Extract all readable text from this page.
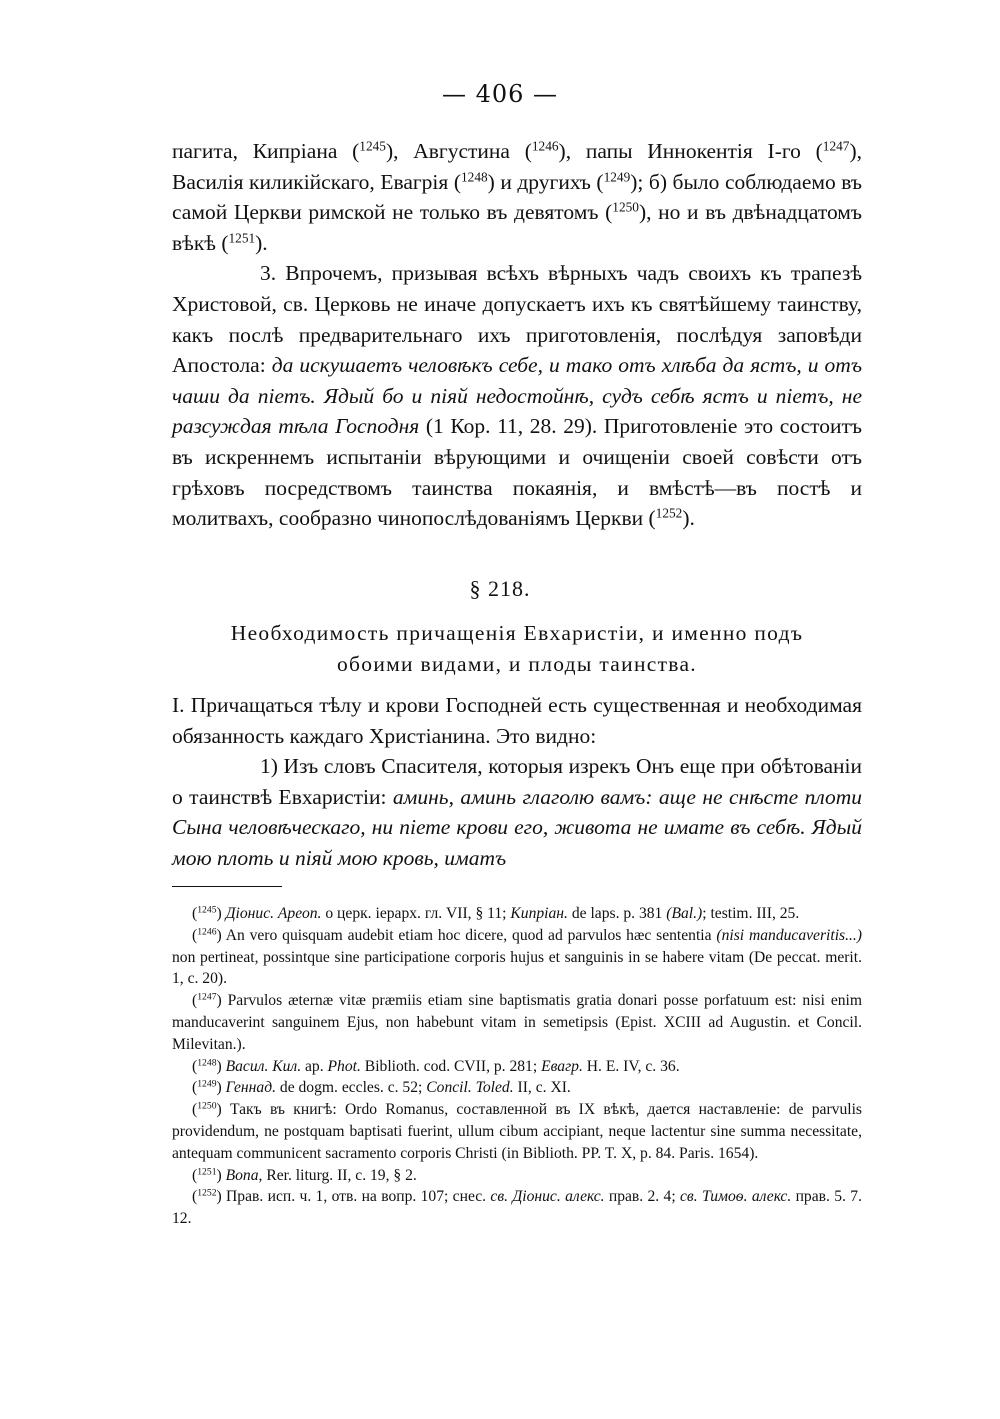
— 406 —

пагита, Кипріана ($^{1245}$), Августина ($^{1246}$), папы Иннокентія I-го ($^{1247}$), Василія киликійскаго, Евагрія ($^{1248}$) и другихъ ($^{1249}$); б) было соблюдаемо въ самой Церкви римской не только въ девятомъ ($^{1250}$), но и въ двѣнадцатомъ вѣкѣ ($^{1251}$).

3. Впрочемъ, призывая всѣхъ вѣрныхъ чадъ своихъ къ трапезѣ Христовой, св. Церковь не иначе допускаетъ ихъ къ святѣйшему таинству, какъ послѣ предварительнаго ихъ приготовленія, послѣдуя заповѣди Апостола: да искушаетъ человѣкъ себе, и тако отъ хлѣба да ястъ, и отъ чаши да піетъ. Ядый бо и піяй недостойнѣ, судъ себѣ ястъ и піетъ, не разсуждая тѣла Господня (1 Кор. 11, 28. 29). Приготовленіе это состоитъ въ искреннемъ испытаніи вѣрующими и очищеніи своей совѣсти отъ грѣховъ посредствомъ таинства покаянія, и вмѣстѣ—въ постѣ и молитвахъ, сообразно чинопослѣдованіямъ Церкви ($^{1252}$).

§ 218.
Необходимость причащенія Евхаристіи, и именно подъ
обоими видами, и плоды таинства.

I. Причащаться тѣлу и крови Господней есть существенная и необходимая обязанность каждаго Христіанина. Это видно:

1) Изъ словъ Спасителя, которыя изрекъ Онъ еще при обѣтованіи о таинствѣ Евхаристіи: аминь, аминь глаголю вамъ: аще не снѣсте плоти Сына человѣческаго, ни піете крови его, живота не имате въ себѣ. Ядый мою плоть и піяй мою кровь, иматъ

($^{1245}$) Діонис. Ареоп. о церк. іерарх. гл. VII, § 11; Кипріан. de laps. p. 381 (Bal.); testim. III, 25.

($^{1246}$) An vero quisquam audebit etiam hoc dicere, quod ad parvulos hæc sententia (nisi manducaveritis...) non pertineat, possintque sine participatione corporis hujus et sanguinis in se habere vitam (De peccat. merit. 1, c. 20).

($^{1247}$) Parvulos æternæ vitæ præmiis etiam sine baptismatis gratia donari posse porfatuum est: nisi enim manducaverint sanguinem Ejus, non habebunt vitam in semetipsis (Epist. XCIII ad Augustin. et Concil. Milevitan.).

($^{1248}$) Васил. Кил. ap. Phot. Biblioth. cod. CVII, p. 281; Евагр. H. E. IV, c. 36.

($^{1249}$) Геннад. de dogm. eccles. c. 52; Concil. Toled. II, c. XI.

($^{1250}$) Такъ въ книгѣ: Ordo Romanus, составленной въ IX вѣкѣ, дается наставленіе: de parvulis providendum, ne postquam baptisati fuerint, ullum cibum accipiant, neque lactentur sine summa necessitate, antequam communicent sacramento corporis Christi (in Biblioth. PP. T. X, p. 84. Paris. 1654).

($^{1251}$) Bona, Rer. liturg. II, c. 19, § 2.

($^{1252}$) Прав. исп. ч. 1, отв. на вопр. 107; снес. св. Діонис. алекс. прав. 2. 4; св. Тимоѳ. алекс. прав. 5. 7. 12.
